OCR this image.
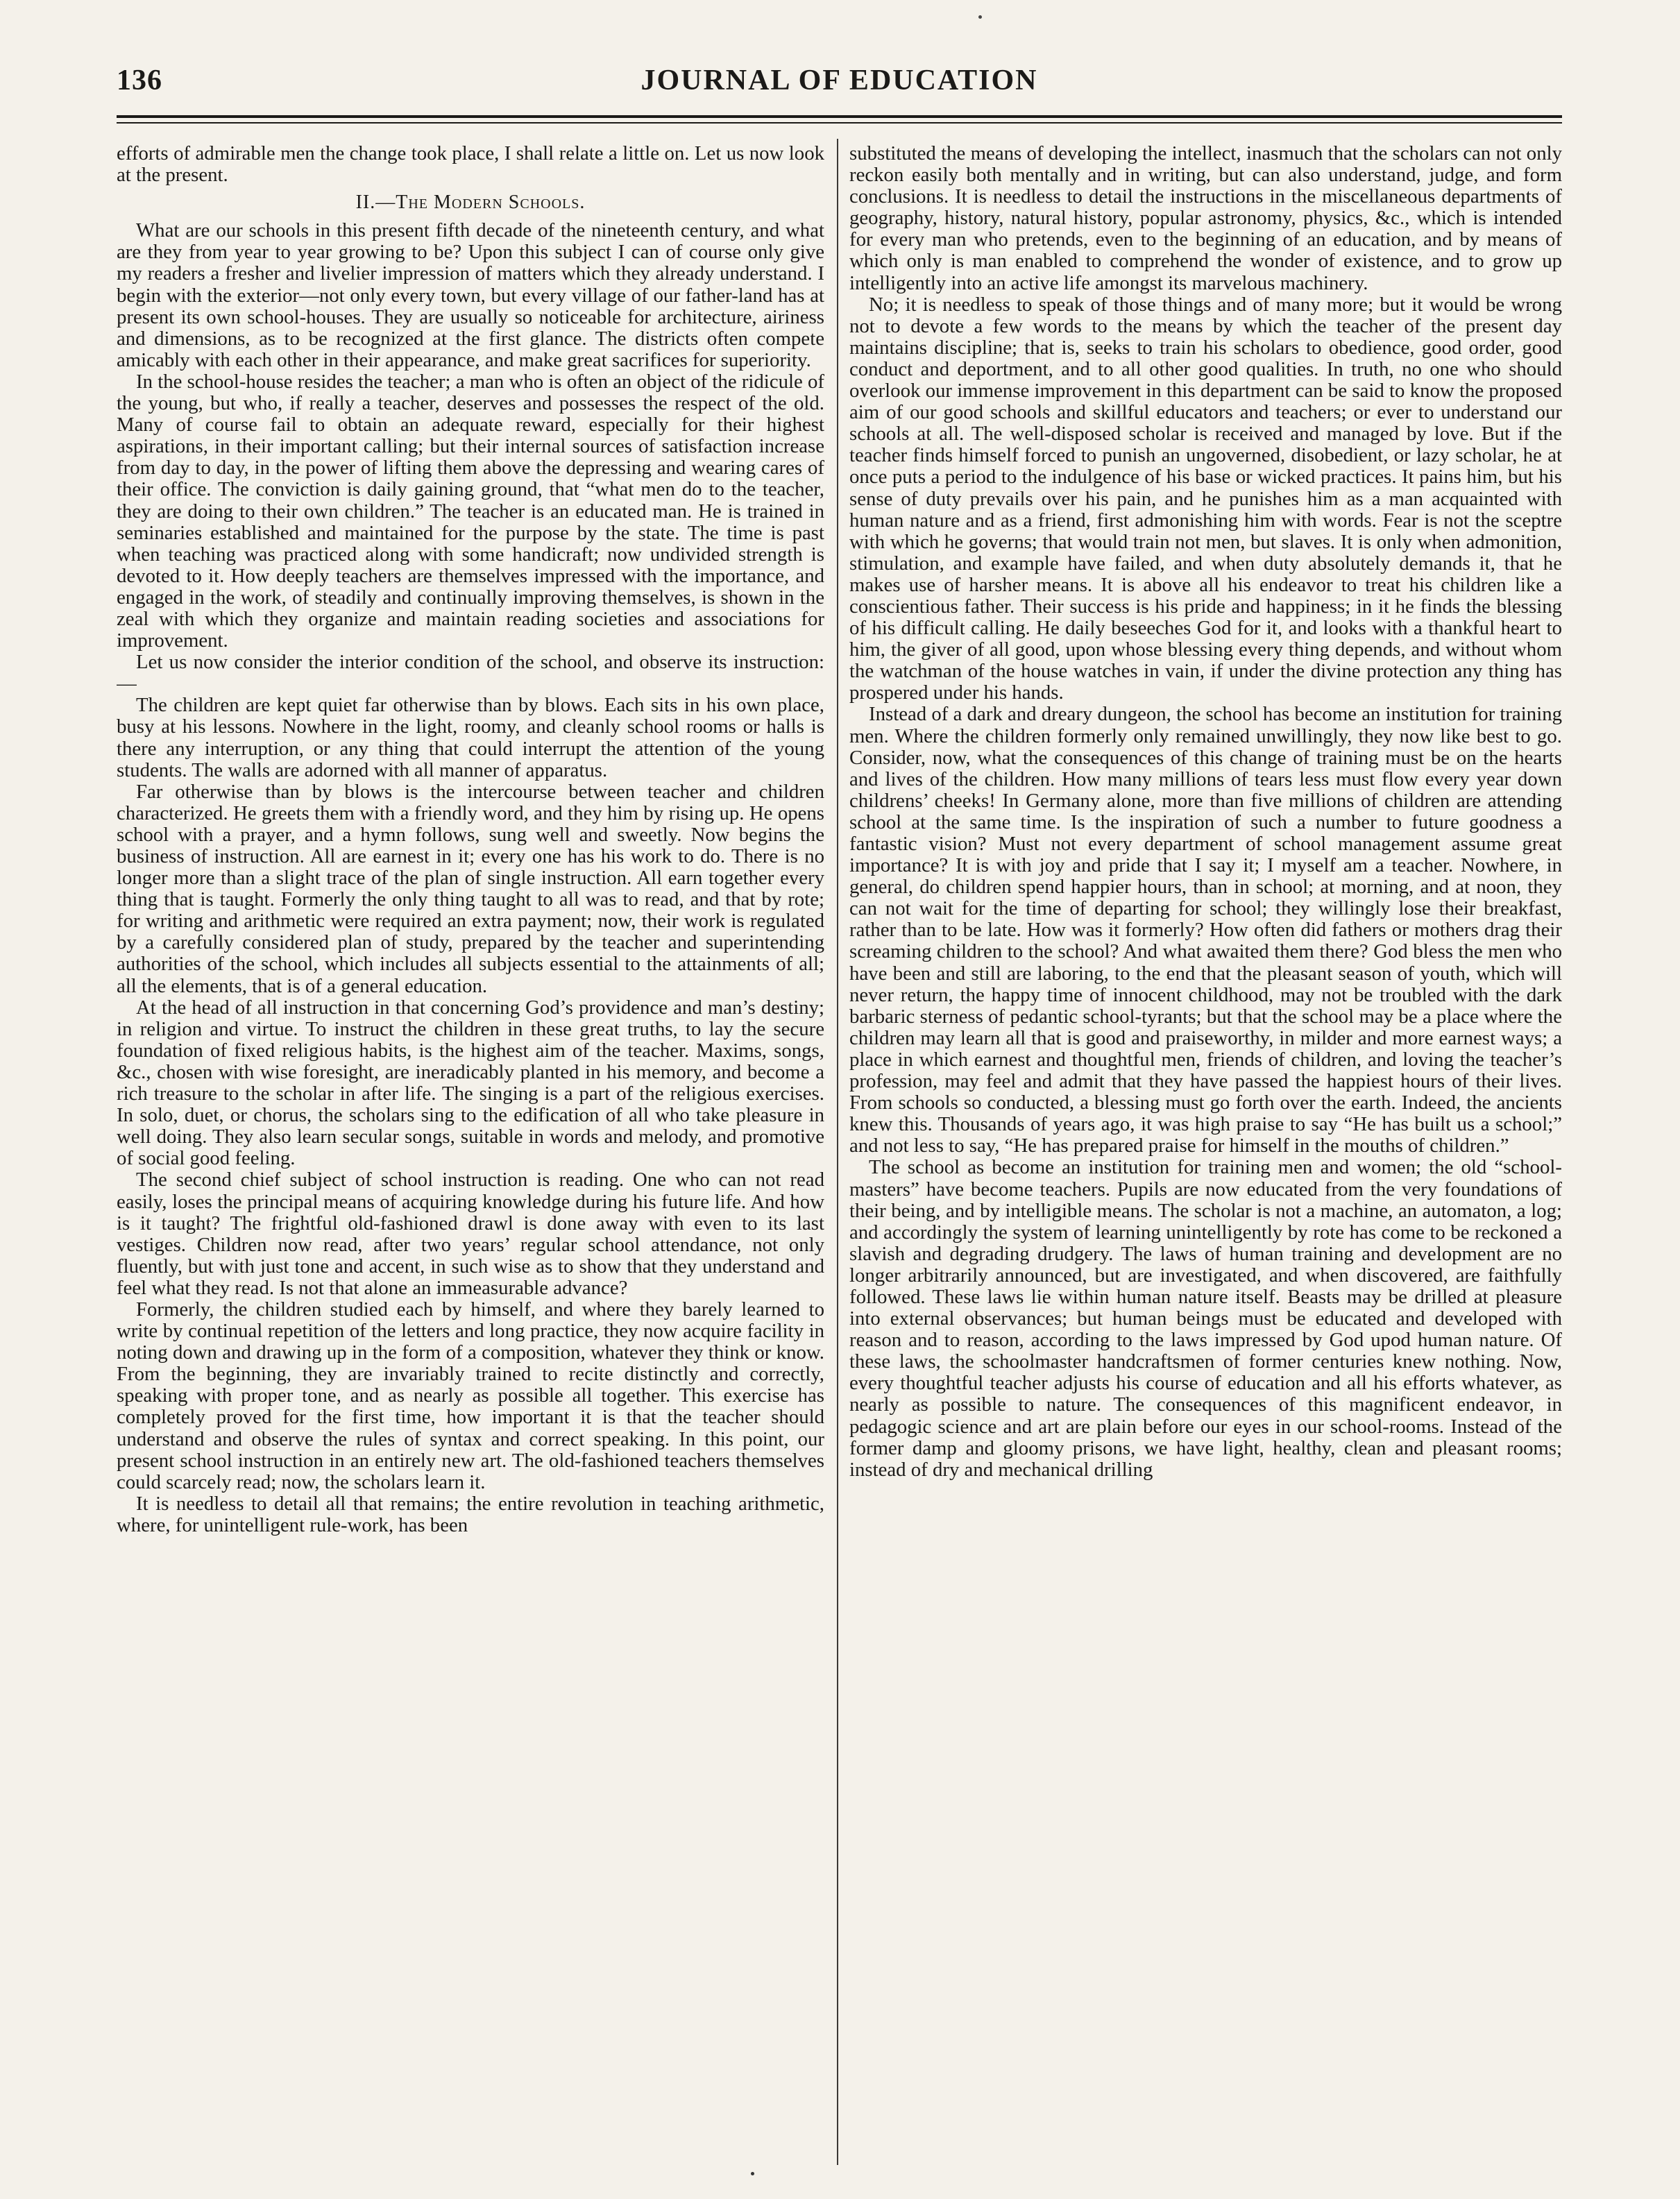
136	JOURNAL OF EDUCATION

efforts of admirable men the change took place, I shall relate a little on. Let us now look at the present.

II.—The Modern Schools.

What are our schools in this present fifth decade of the nineteenth century, and what are they from year to year growing to be? Upon this subject I can of course only give my readers a fresher and livelier impression of matters which they already understand. I begin with the exterior—not only every town, but every village of our father-land has at present its own school-houses. They are usually so noticeable for architecture, airiness and dimensions, as to be recognized at the first glance. The districts often compete amicably with each other in their appearance, and make great sacrifices for superiority.

In the school-house resides the teacher; a man who is often an object of the ridicule of the young, but who, if really a teacher, deserves and possesses the respect of the old. Many of course fail to obtain an adequate reward, especially for their highest aspirations, in their important calling; but their internal sources of satisfaction increase from day to day, in the power of lifting them above the depressing and wearing cares of their office. The conviction is daily gaining ground, that “what men do to the teacher, they are doing to their own children.” The teacher is an educated man. He is trained in seminaries established and maintained for the purpose by the state. The time is past when teaching was practiced along with some handicraft; now undivided strength is devoted to it. How deeply teachers are themselves impressed with the importance, and engaged in the work, of steadily and continually improving themselves, is shown in the zeal with which they organize and maintain reading societies and associations for improvement.

Let us now consider the interior condition of the school, and observe its instruction:—

The children are kept quiet far otherwise than by blows. Each sits in his own place, busy at his lessons. Nowhere in the light, roomy, and cleanly school rooms or halls is there any interruption, or any thing that could interrupt the attention of the young students. The walls are adorned with all manner of apparatus.

Far otherwise than by blows is the intercourse between teacher and children characterized. He greets them with a friendly word, and they him by rising up. He opens school with a prayer, and a hymn follows, sung well and sweetly. Now begins the business of instruction. All are earnest in it; every one has his work to do. There is no longer more than a slight trace of the plan of single instruction. All earn together every thing that is taught. Formerly the only thing taught to all was to read, and that by rote; for writing and arithmetic were required an extra payment; now, their work is regulated by a carefully considered plan of study, prepared by the teacher and superintending authorities of the school, which includes all subjects essential to the attainments of all; all the elements, that is of a general education.

At the head of all instruction in that concerning God’s providence and man’s destiny; in religion and virtue. To instruct the children in these great truths, to lay the secure foundation of fixed religious habits, is the highest aim of the teacher. Maxims, songs, &c., chosen with wise foresight, are ineradicably planted in his memory, and become a rich treasure to the scholar in after life. The singing is a part of the religious exercises. In solo, duet, or chorus, the scholars sing to the edification of all who take pleasure in well doing. They also learn secular songs, suitable in words and melody, and promotive of social good feeling.

The second chief subject of school instruction is reading. One who can not read easily, loses the principal means of acquiring knowledge during his future life. And how is it taught? The frightful old-fashioned drawl is done away with even to its last vestiges. Children now read, after two years’ regular school attendance, not only fluently, but with just tone and accent, in such wise as to show that they understand and feel what they read. Is not that alone an immeasurable advance?

Formerly, the children studied each by himself, and where they barely learned to write by continual repetition of the letters and long practice, they now acquire facility in noting down and drawing up in the form of a composition, whatever they think or know. From the beginning, they are invariably trained to recite distinctly and correctly, speaking with proper tone, and as nearly as possible all together. This exercise has completely proved for the first time, how important it is that the teacher should understand and observe the rules of syntax and correct speaking. In this point, our present school instruction in an entirely new art. The old-fashioned teachers themselves could scarcely read; now, the scholars learn it.

It is needless to detail all that remains; the entire revolution in teaching arithmetic, where, for unintelligent rule-work, has been

substituted the means of developing the intellect, inasmuch that the scholars can not only reckon easily both mentally and in writing, but can also understand, judge, and form conclusions. It is needless to detail the instructions in the miscellaneous departments of geography, history, natural history, popular astronomy, physics, &c., which is intended for every man who pretends, even to the beginning of an education, and by means of which only is man enabled to comprehend the wonder of existence, and to grow up intelligently into an active life amongst its marvelous machinery.

No; it is needless to speak of those things and of many more; but it would be wrong not to devote a few words to the means by which the teacher of the present day maintains discipline; that is, seeks to train his scholars to obedience, good order, good conduct and deportment, and to all other good qualities. In truth, no one who should overlook our immense improvement in this department can be said to know the proposed aim of our good schools and skillful educators and teachers; or ever to understand our schools at all. The well-disposed scholar is received and managed by love. But if the teacher finds himself forced to punish an ungoverned, disobedient, or lazy scholar, he at once puts a period to the indulgence of his base or wicked practices. It pains him, but his sense of duty prevails over his pain, and he punishes him as a man acquainted with human nature and as a friend, first admonishing him with words. Fear is not the sceptre with which he governs; that would train not men, but slaves. It is only when admonition, stimulation, and example have failed, and when duty absolutely demands it, that he makes use of harsher means. It is above all his endeavor to treat his children like a conscientious father. Their success is his pride and happiness; in it he finds the blessing of his difficult calling. He daily beseeches God for it, and looks with a thankful heart to him, the giver of all good, upon whose blessing every thing depends, and without whom the watchman of the house watches in vain, if under the divine protection any thing has prospered under his hands.

Instead of a dark and dreary dungeon, the school has become an institution for training men. Where the children formerly only remained unwillingly, they now like best to go. Consider, now, what the consequences of this change of training must be on the hearts and lives of the children. How many millions of tears less must flow every year down childrens’ cheeks! In Germany alone, more than five millions of children are attending school at the same time. Is the inspiration of such a number to future goodness a fantastic vision? Must not every department of school management assume great importance? It is with joy and pride that I say it; I myself am a teacher. Nowhere, in general, do children spend happier hours, than in school; at morning, and at noon, they can not wait for the time of departing for school; they willingly lose their breakfast, rather than to be late. How was it formerly? How often did fathers or mothers drag their screaming children to the school? And what awaited them there? God bless the men who have been and still are laboring, to the end that the pleasant season of youth, which will never return, the happy time of innocent childhood, may not be troubled with the dark barbaric sterness of pedantic school-tyrants; but that the school may be a place where the children may learn all that is good and praiseworthy, in milder and more earnest ways; a place in which earnest and thoughtful men, friends of children, and loving the teacher’s profession, may feel and admit that they have passed the happiest hours of their lives. From schools so conducted, a blessing must go forth over the earth. Indeed, the ancients knew this. Thousands of years ago, it was high praise to say “He has built us a school;” and not less to say, “He has prepared praise for himself in the mouths of children.”

The school as become an institution for training men and women; the old “school-masters” have become teachers. Pupils are now educated from the very foundations of their being, and by intelligible means. The scholar is not a machine, an automaton, a log; and accordingly the system of learning unintelligently by rote has come to be reckoned a slavish and degrading drudgery. The laws of human training and development are no longer arbitrarily announced, but are investigated, and when discovered, are faithfully followed. These laws lie within human nature itself. Beasts may be drilled at pleasure into external observances; but human beings must be educated and developed with reason and to reason, according to the laws impressed by God upod human nature. Of these laws, the schoolmaster handcraftsmen of former centuries knew nothing. Now, every thoughtful teacher adjusts his course of education and all his efforts whatever, as nearly as possible to nature. The consequences of this magnificent endeavor, in pedagogic science and art are plain before our eyes in our school-rooms. Instead of the former damp and gloomy prisons, we have light, healthy, clean and pleasant rooms; instead of dry and mechanical drilling
